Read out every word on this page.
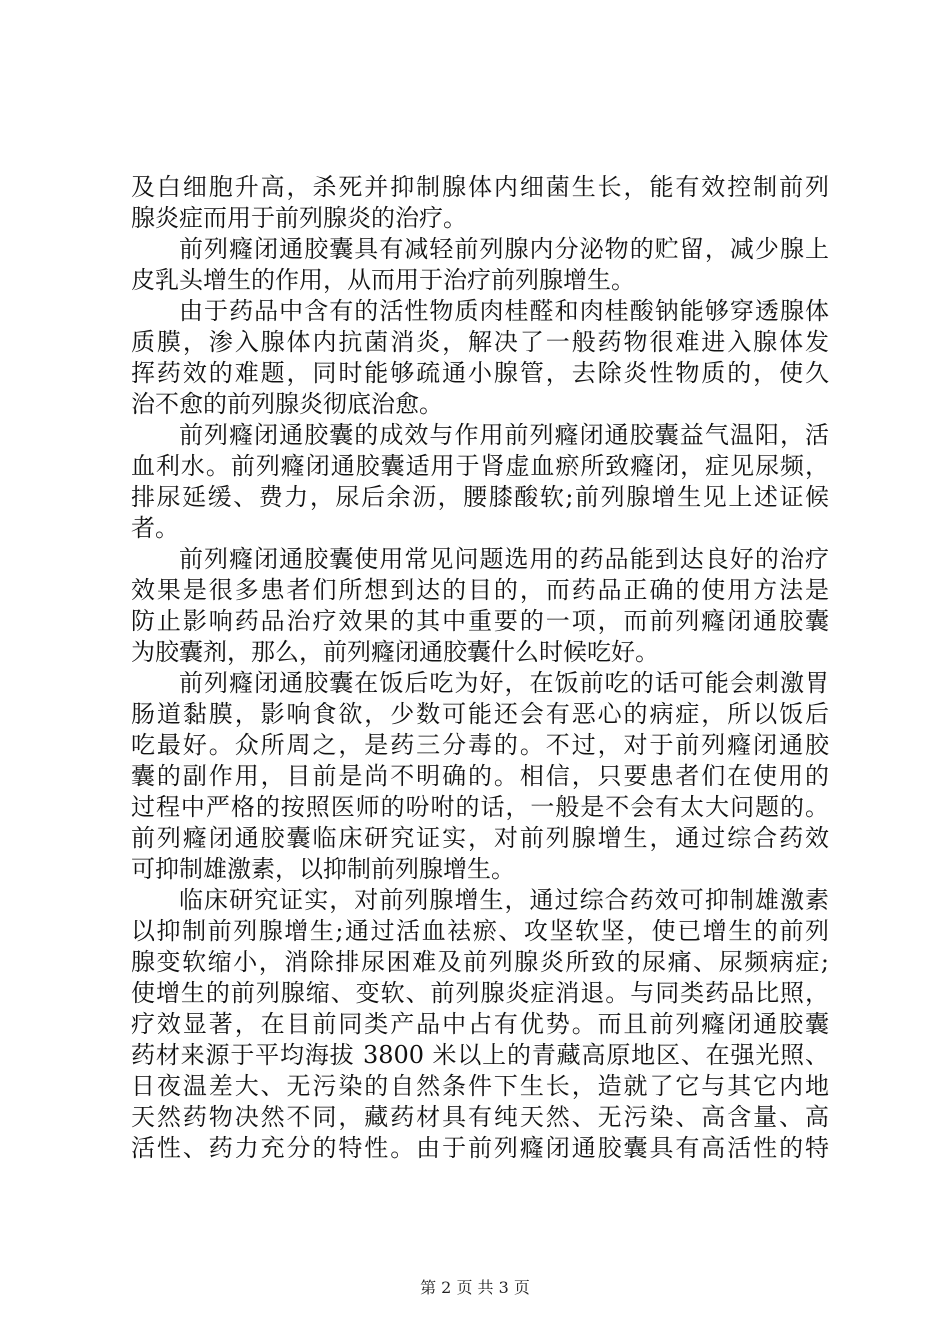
及白细胞升高，杀死并抑制腺体内细菌生长，能有效控制前列
腺炎症而用于前列腺炎的治疗。
前列癃闭通胶囊具有减轻前列腺内分泌物的贮留，减少腺上
皮乳头增生的作用，从而用于治疗前列腺增生。
由于药品中含有的活性物质肉桂醛和肉桂酸钠能够穿透腺体
质膜，渗入腺体内抗菌消炎，解决了一般药物很难进入腺体发
挥药效的难题，同时能够疏通小腺管，去除炎性物质的，使久
治不愈的前列腺炎彻底治愈。
前列癃闭通胶囊的成效与作用前列癃闭通胶囊益气温阳，活
血利水。前列癃闭通胶囊适用于肾虚血瘀所致癃闭，症见尿频，
排尿延缓、费力，尿后余沥，腰膝酸软;前列腺增生见上述证候
者。
前列癃闭通胶囊使用常见问题选用的药品能到达良好的治疗
效果是很多患者们所想到达的目的，而药品正确的使用方法是
防止影响药品治疗效果的其中重要的一项，而前列癃闭通胶囊
为胶囊剂，那么，前列癃闭通胶囊什么时候吃好。
前列癃闭通胶囊在饭后吃为好，在饭前吃的话可能会刺激胃
肠道黏膜，影响食欲，少数可能还会有恶心的病症，所以饭后
吃最好。众所周之，是药三分毒的。不过，对于前列癃闭通胶
囊的副作用，目前是尚不明确的。相信，只要患者们在使用的
过程中严格的按照医师的吩咐的话，一般是不会有太大问题的。
前列癃闭通胶囊临床研究证实，对前列腺增生，通过综合药效
可抑制雄激素，以抑制前列腺增生。
临床研究证实，对前列腺增生，通过综合药效可抑制雄激素
以抑制前列腺增生;通过活血祛瘀、攻坚软坚，使已增生的前列
腺变软缩小，消除排尿困难及前列腺炎所致的尿痛、尿频病症;
使增生的前列腺缩、变软、前列腺炎症消退。与同类药品比照，
疗效显著，在目前同类产品中占有优势。而且前列癃闭通胶囊
药材来源于平均海拔 3800 米以上的青藏高原地区、在强光照、
日夜温差大、无污染的自然条件下生长，造就了它与其它内地
天然药物决然不同，藏药材具有纯天然、无污染、高含量、高
活性、药力充分的特性。由于前列癃闭通胶囊具有高活性的特
第 2 页 共 3 页
